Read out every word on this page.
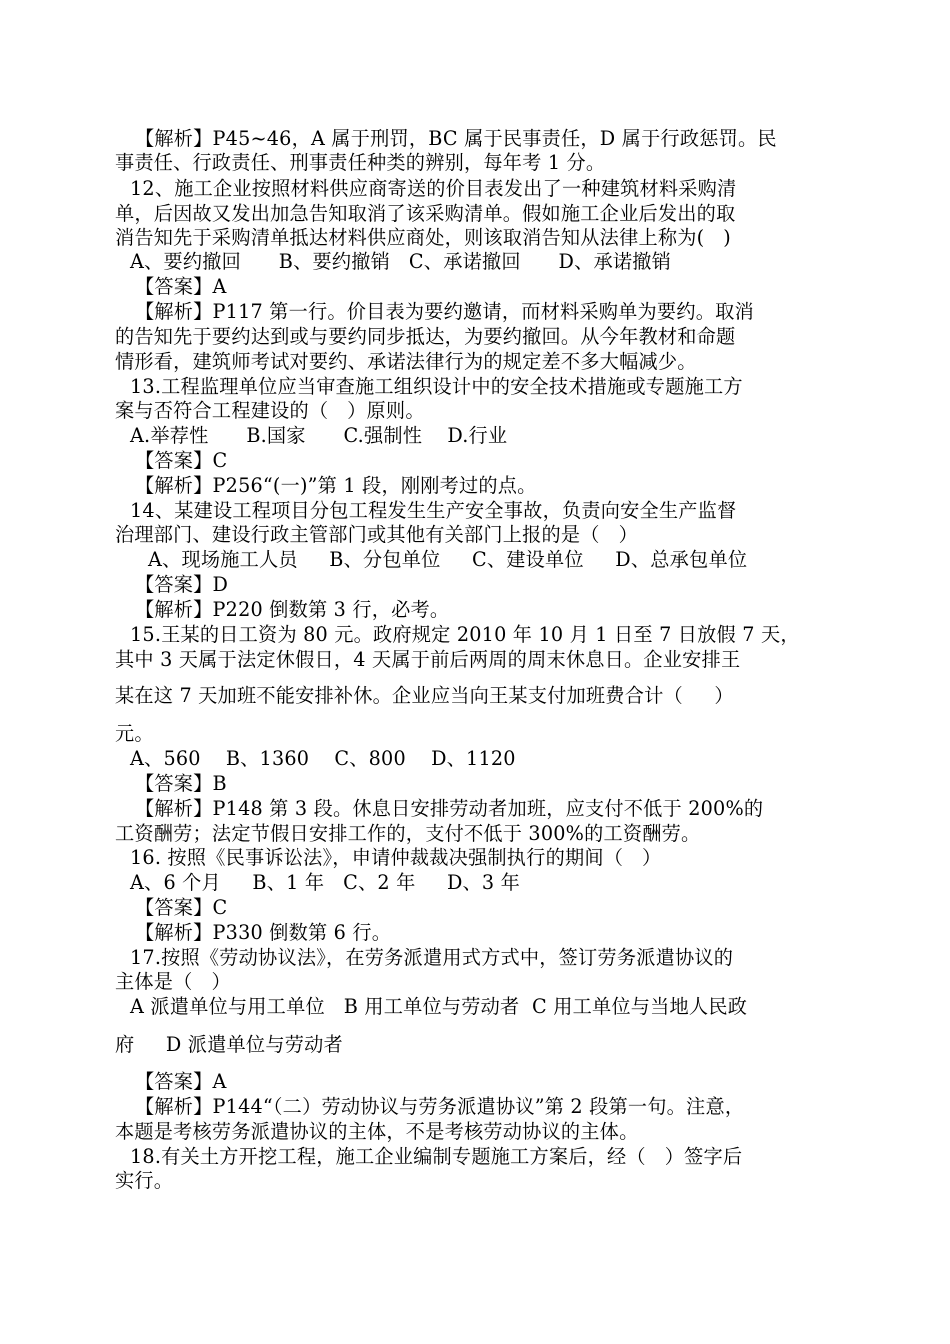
【解析】P45~46，A 属于刑罚，BC 属于民事责任，D 属于行政惩罚。民
事责任、行政责任、刑事责任种类的辨别，每年考 1 分。
12、施工企业按照材料供应商寄送的价目表发出了一种建筑材料采购清
单，后因故又发出加急告知取消了该采购清单。假如施工企业后发出的取
消告知先于采购清单抵达材料供应商处，则该取消告知从法律上称为(   )
A、要约撤回      B、要约撤销   C、承诺撤回      D、承诺撤销
【答案】A
【解析】P117 第一行。价目表为要约邀请，而材料采购单为要约。取消
的告知先于要约达到或与要约同步抵达，为要约撤回。从今年教材和命题
情形看，建筑师考试对要约、承诺法律行为的规定差不多大幅减少。
13.工程监理单位应当审查施工组织设计中的安全技术措施或专题施工方
案与否符合工程建设的（   ）原则。
A.举荐性      B.国家      C.强制性    D.行业
【答案】C
【解析】P256“(一)”第 1 段，刚刚考过的点。
14、某建设工程项目分包工程发生生产安全事故，负责向安全生产监督
治理部门、建设行政主管部门或其他有关部门上报的是（   ）
A、现场施工人员     B、分包单位     C、建设单位     D、总承包单位
【答案】D
【解析】P220 倒数第 3 行，必考。
15.王某的日工资为 80 元。政府规定 2010 年 10 月 1 日至 7 日放假 7 天，
其中 3 天属于法定休假日，4 天属于前后两周的周末休息日。企业安排王
某在这 7 天加班不能安排补休。企业应当向王某支付加班费合计（     ）
元。
A、560    B、1360    C、800    D、1120
【答案】B
【解析】P148 第 3 段。休息日安排劳动者加班，应支付不低于 200%的
工资酬劳；法定节假日安排工作的，支付不低于 300%的工资酬劳。
16. 按照《民事诉讼法》，申请仲裁裁决强制执行的期间（   ）
A、6 个月     B、1 年   C、2 年     D、3 年
【答案】C
【解析】P330 倒数第 6 行。
17.按照《劳动协议法》，在劳务派遣用式方式中，签订劳务派遣协议的
主体是（   ）
A 派遣单位与用工单位   B 用工单位与劳动者  C 用工单位与当地人民政
府     D 派遣单位与劳动者
【答案】A
【解析】P144“（二）劳动协议与劳务派遣协议”第 2 段第一句。注意，
本题是考核劳务派遣协议的主体，不是考核劳动协议的主体。
18.有关土方开挖工程，施工企业编制专题施工方案后，经（   ）签字后
实行。
